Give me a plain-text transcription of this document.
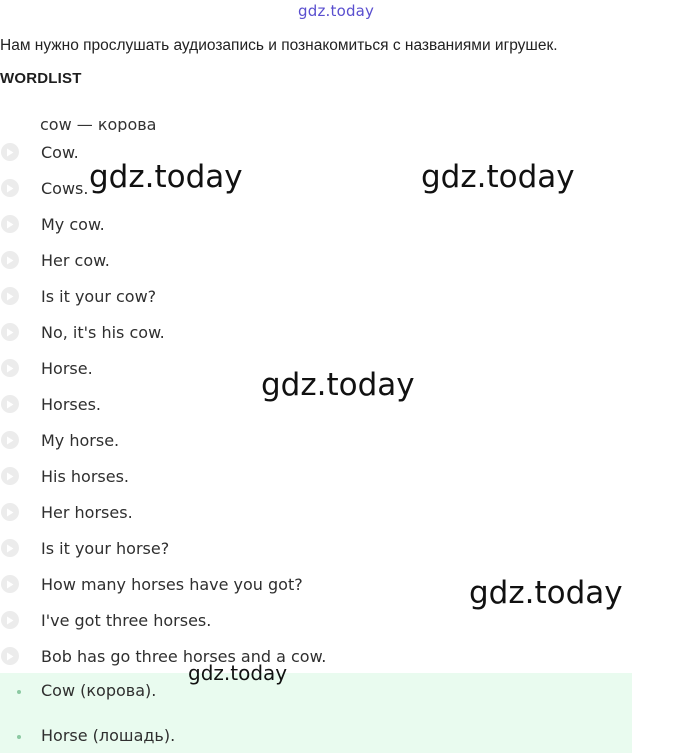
gdz.today
Нам нужно прослушать аудиозапись и познакомиться с названиями игрушек.
WORDLIST
cow — корова
Cow.
Cows.
My cow.
Her cow.
Is it your cow?
No, it's his cow.
Horse.
Horses.
My horse.
His horses.
Her horses.
Is it your horse?
How many horses have you got?
I've got three horses.
Bob has go three horses and a cow.
Cow (корова).
Horse (лошадь).
gdz.today	gdz.today
gdz.today
gdz.today
gdz.today
